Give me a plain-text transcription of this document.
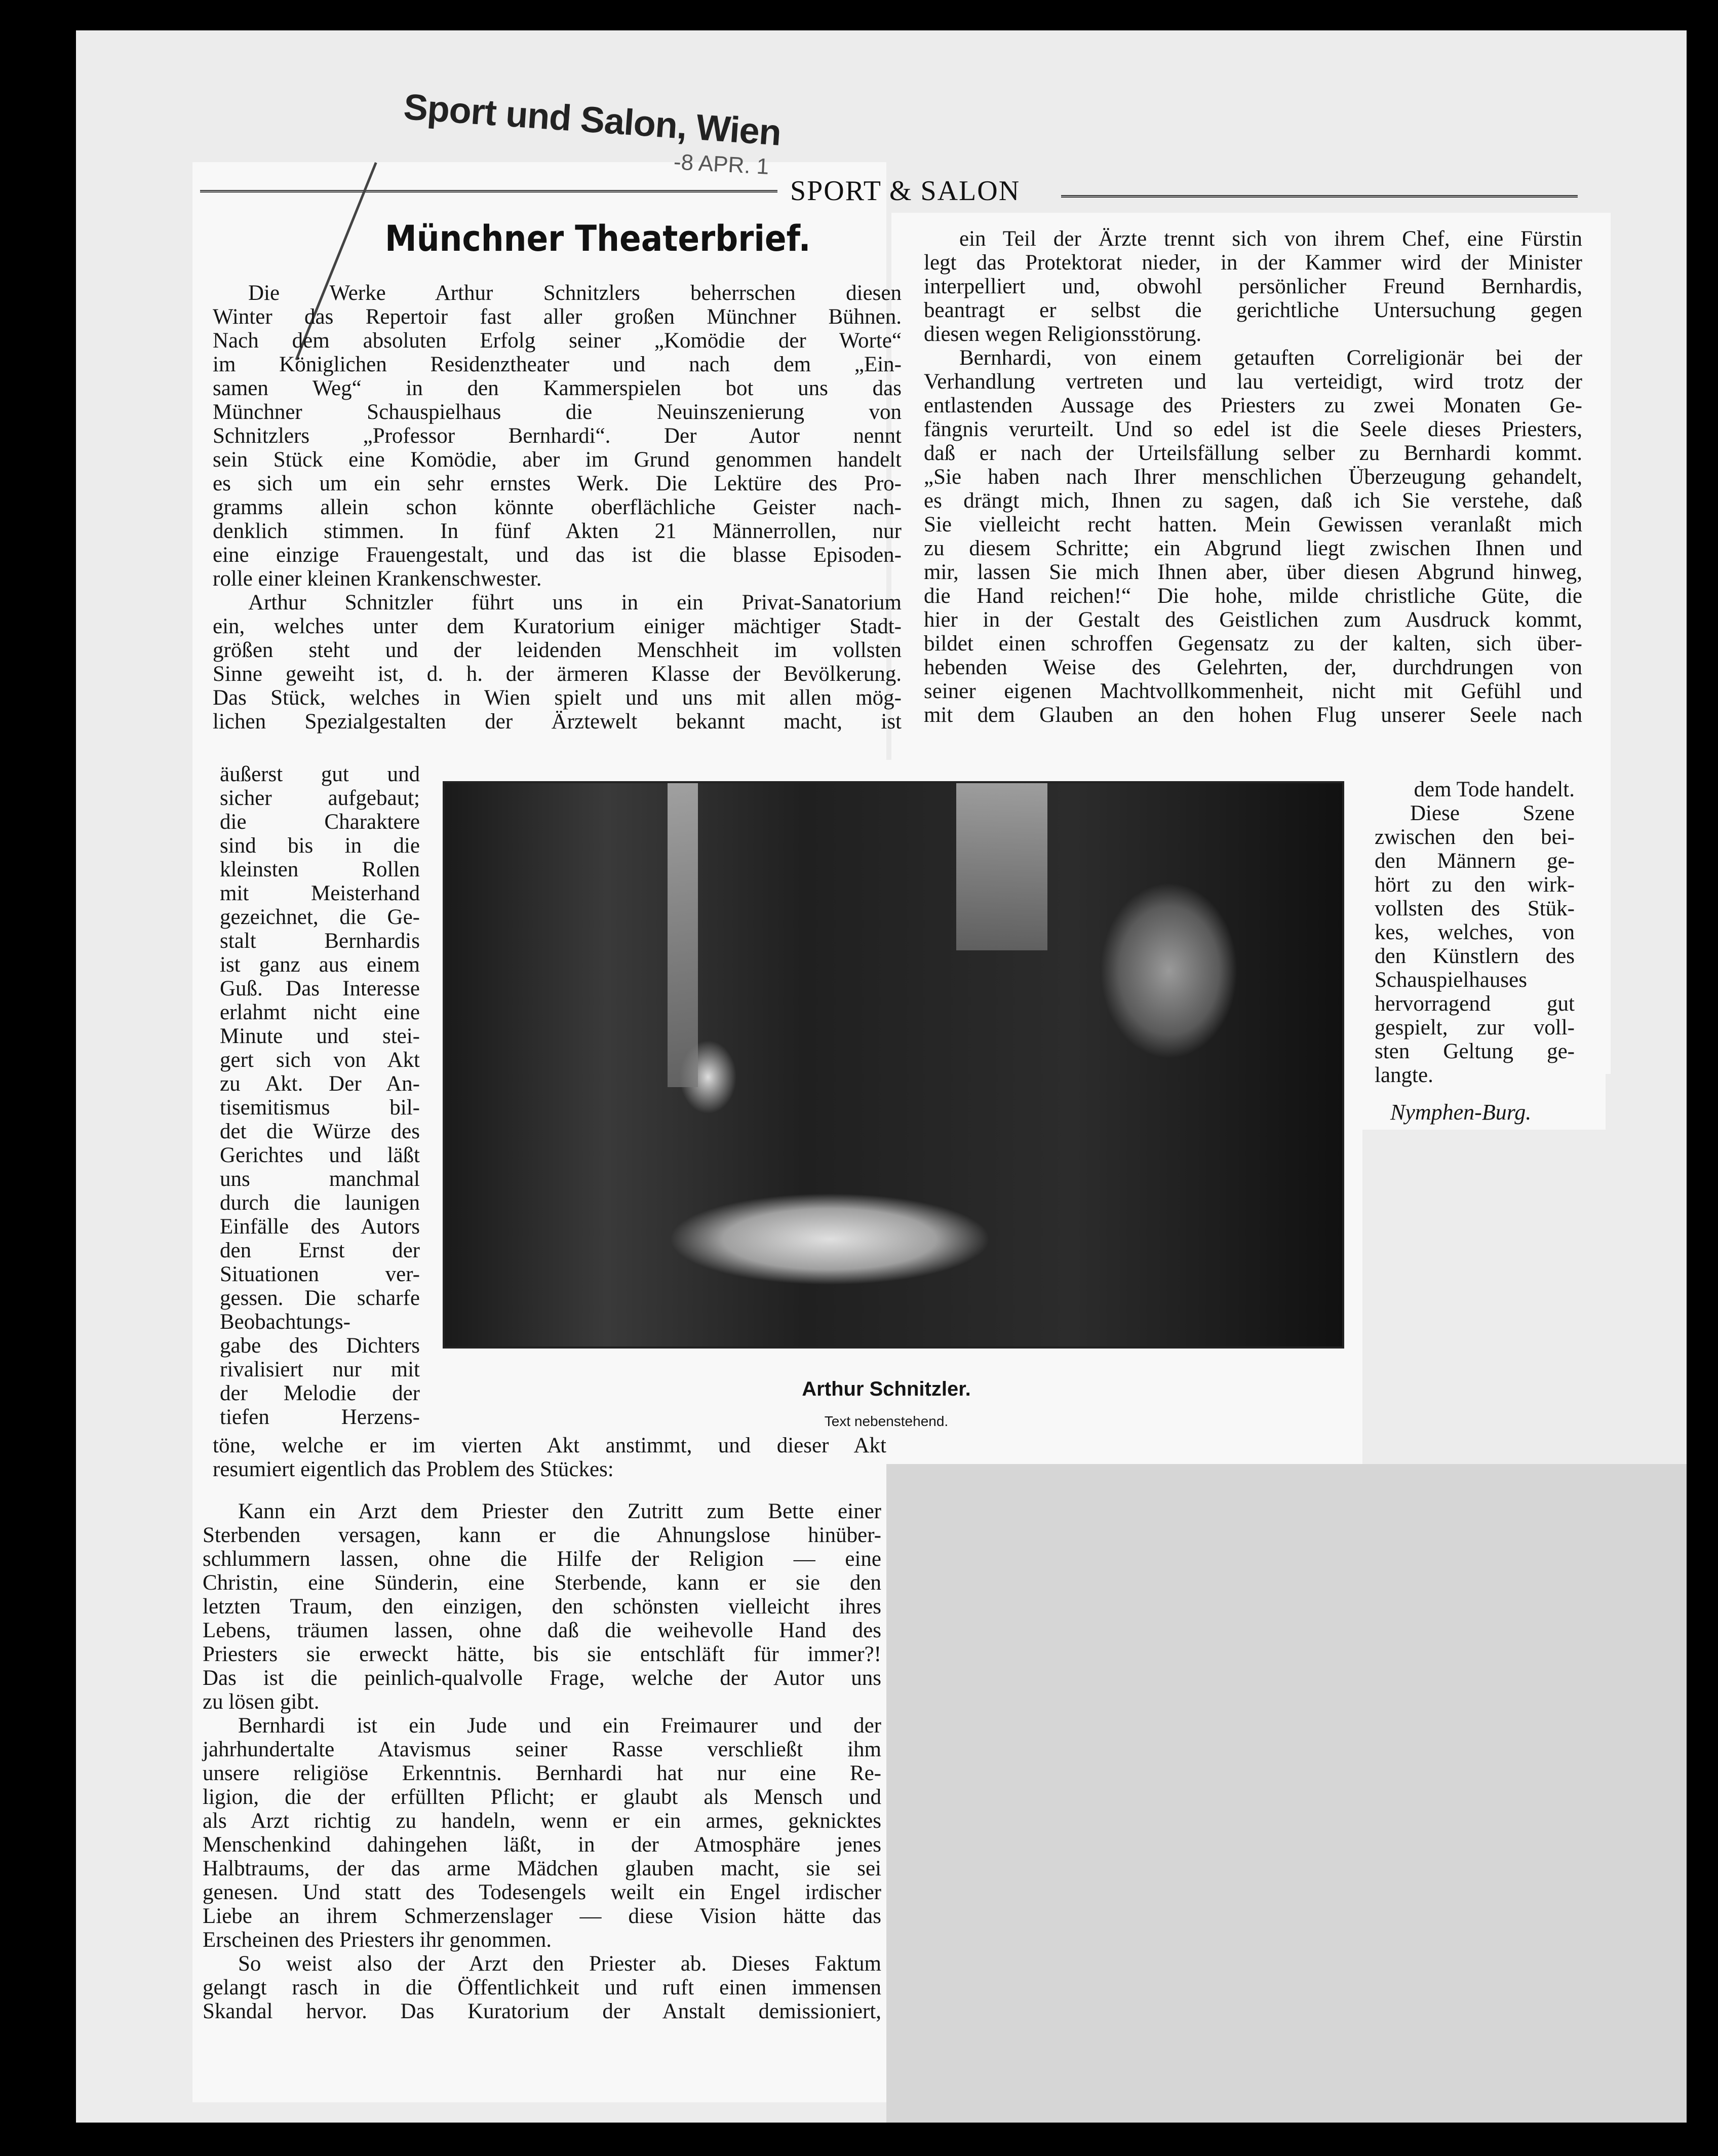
Sport und Salon, Wien
-8 APR. 1
SPORT & SALON
Münchner Theaterbrief.
Die Werke Arthur Schnitzlers beherrschen diesen
Winter das Repertoir fast aller großen Münchner Bühnen.
Nach dem absoluten Erfolg seiner „Komödie der Worte“
im Königlichen Residenztheater und nach dem „Ein-
samen Weg“ in den Kammerspielen bot uns das
Münchner Schauspielhaus die Neuinszenierung von
Schnitzlers „Professor Bernhardi“. Der Autor nennt
sein Stück eine Komödie, aber im Grund genommen handelt
es sich um ein sehr ernstes Werk. Die Lektüre des Pro-
gramms allein schon könnte oberflächliche Geister nach-
denklich stimmen. In fünf Akten 21 Männerrollen, nur
eine einzige Frauengestalt, und das ist die blasse Episoden-
rolle einer kleinen Krankenschwester.
Arthur Schnitzler führt uns in ein Privat-Sanatorium
ein, welches unter dem Kuratorium einiger mächtiger Stadt-
größen steht und der leidenden Menschheit im vollsten
Sinne geweiht ist, d. h. der ärmeren Klasse der Bevölkerung.
Das Stück, welches in Wien spielt und uns mit allen mög-
lichen Spezialgestalten der Ärztewelt bekannt macht, ist
äußerst gut und
sicher aufgebaut;
die Charaktere
sind bis in die
kleinsten Rollen
mit Meisterhand
gezeichnet, die Ge-
stalt Bernhardis
ist ganz aus einem
Guß. Das Interesse
erlahmt nicht eine
Minute und stei-
gert sich von Akt
zu Akt. Der An-
tisemitismus bil-
det die Würze des
Gerichtes und läßt
uns manchmal
durch die launigen
Einfälle des Autors
den Ernst der
Situationen ver-
gessen. Die scharfe
Beobachtungs-
gabe des Dichters
rivalisiert nur mit
der Melodie der
tiefen Herzens-
töne, welche er im vierten Akt anstimmt, und dieser Akt
resumiert eigentlich das Problem des Stückes:
Kann ein Arzt dem Priester den Zutritt zum Bette einer
Sterbenden versagen, kann er die Ahnungslose hinüber-
schlummern lassen, ohne die Hilfe der Religion — eine
Christin, eine Sünderin, eine Sterbende, kann er sie den
letzten Traum, den einzigen, den schönsten vielleicht ihres
Lebens, träumen lassen, ohne daß die weihevolle Hand des
Priesters sie erweckt hätte, bis sie entschläft für immer?!
Das ist die peinlich-qualvolle Frage, welche der Autor uns
zu lösen gibt.
Bernhardi ist ein Jude und ein Freimaurer und der
jahrhundertalte Atavismus seiner Rasse verschließt ihm
unsere religiöse Erkenntnis. Bernhardi hat nur eine Re-
ligion, die der erfüllten Pflicht; er glaubt als Mensch und
als Arzt richtig zu handeln, wenn er ein armes, geknicktes
Menschenkind dahingehen läßt, in der Atmosphäre jenes
Halbtraums, der das arme Mädchen glauben macht, sie sei
genesen. Und statt des Todesengels weilt ein Engel irdischer
Liebe an ihrem Schmerzenslager — diese Vision hätte das
Erscheinen des Priesters ihr genommen.
So weist also der Arzt den Priester ab. Dieses Faktum
gelangt rasch in die Öffentlichkeit und ruft einen immensen
Skandal hervor. Das Kuratorium der Anstalt demissioniert,
ein Teil der Ärzte trennt sich von ihrem Chef, eine Fürstin
legt das Protektorat nieder, in der Kammer wird der Minister
interpelliert und, obwohl persönlicher Freund Bernhardis,
beantragt er selbst die gerichtliche Untersuchung gegen
diesen wegen Religionsstörung.
Bernhardi, von einem getauften Correligionär bei der
Verhandlung vertreten und lau verteidigt, wird trotz der
entlastenden Aussage des Priesters zu zwei Monaten Ge-
fängnis verurteilt. Und so edel ist die Seele dieses Priesters,
daß er nach der Urteilsfällung selber zu Bernhardi kommt.
„Sie haben nach Ihrer menschlichen Überzeugung gehandelt,
es drängt mich, Ihnen zu sagen, daß ich Sie verstehe, daß
Sie vielleicht recht hatten. Mein Gewissen veranlaßt mich
zu diesem Schritte; ein Abgrund liegt zwischen Ihnen und
mir, lassen Sie mich Ihnen aber, über diesen Abgrund hinweg,
die Hand reichen!“ Die hohe, milde christliche Güte, die
hier in der Gestalt des Geistlichen zum Ausdruck kommt,
bildet einen schroffen Gegensatz zu der kalten, sich über-
hebenden Weise des Gelehrten, der, durchdrungen von
seiner eigenen Machtvollkommenheit, nicht mit Gefühl und
mit dem Glauben an den hohen Flug unserer Seele nach
dem Tode handelt.
Diese Szene
zwischen den bei-
den Männern ge-
hört zu den wirk-
vollsten des Stük-
kes, welches, von
den Künstlern des
Schauspielhauses
hervorragend gut
gespielt, zur voll-
sten Geltung ge-
langte.
Nymphen-Burg.
Arthur Schnitzler.
Text nebenstehend.
